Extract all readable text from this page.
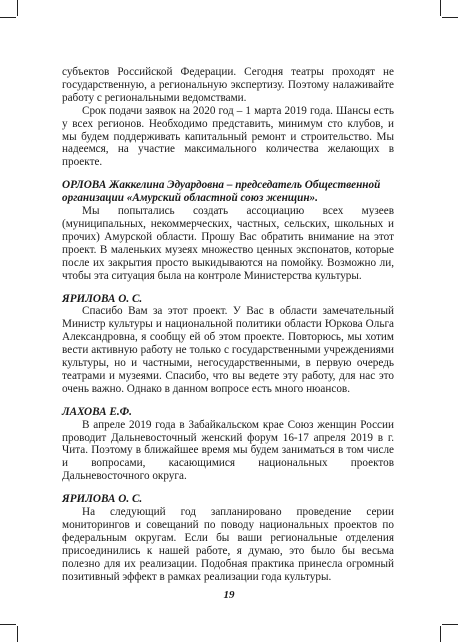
субъектов Российской Федерации. Сегодня театры проходят не государственную, а региональную экспертизу. Поэтому налаживайте работу с региональными ведомствами.

Срок подачи заявок на 2020 год – 1 марта 2019 года. Шансы есть у всех регионов. Необходимо представить, минимум сто клубов, и мы будем поддерживать капитальный ремонт и строительство. Мы надеемся, на участие максимального количества желающих в проекте.

ОРЛОВА Жаккелина Эдуардовна – председатель Общественной организации «Амурский областной союз женщин».

Мы попытались создать ассоциацию всех музеев (муниципальных, некоммерческих, частных, сельских, школьных и прочих) Амурской области. Прошу Вас обратить внимание на этот проект. В маленьких музеях множество ценных экспонатов, которые после их закрытия просто выкидываются на помойку. Возможно ли, чтобы эта ситуация была на контроле Министерства культуры.

ЯРИЛОВА О. С.

Спасибо Вам за этот проект. У Вас в области замечательный Министр культуры и национальной политики области Юркова Ольга Александровна, я сообщу ей об этом проекте. Повторюсь, мы хотим вести активную работу не только с государственными учреждениями культуры, но и частными, негосударственными, в первую очередь театрами и музеями. Спасибо, что вы ведете эту работу, для нас это очень важно. Однако в данном вопросе есть много нюансов.

ЛАХОВА Е.Ф.

В апреле 2019 года в Забайкальском крае Союз женщин России проводит Дальневосточный женский форум 16-17 апреля 2019 в г. Чита. Поэтому в ближайшее время мы будем заниматься в том числе и вопросами, касающимися национальных проектов Дальневосточного округа.

ЯРИЛОВА О. С.

На следующий год запланировано проведение серии мониторингов и совещаний по поводу национальных проектов по федеральным округам. Если бы ваши региональные отделения присоединились к нашей работе, я думаю, это было бы весьма полезно для их реализации. Подобная практика принесла огромный позитивный эффект в рамках реализации года культуры.

19
